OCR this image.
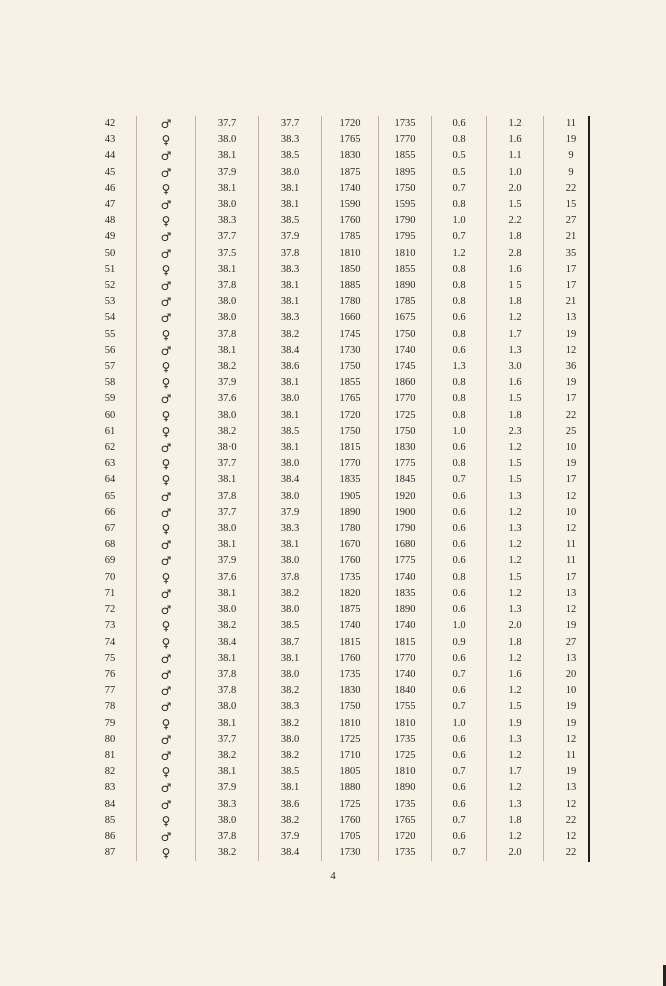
42	♂	37.7	37.7	1720	1735	0.6	1.2	11
43	♀	38.0	38.3	1765	1770	0.8	1.6	19
44	♂	38.1	38.5	1830	1855	0.5	1.1	9
45	♂	37.9	38.0	1875	1895	0.5	1.0	9
46	♀	38.1	38.1	1740	1750	0.7	2.0	22
47	♂	38.0	38.1	1590	1595	0.8	1.5	15
48	♀	38.3	38.5	1760	1790	1.0	2.2	27
49	♂	37.7	37.9	1785	1795	0.7	1.8	21
50	♂	37.5	37.8	1810	1810	1.2	2.8	35
51	♀	38.1	38.3	1850	1855	0.8	1.6	17
52	♂	37.8	38.1	1885	1890	0.8	1 5	17
53	♂	38.0	38.1	1780	1785	0.8	1.8	21
54	♂	38.0	38.3	1660	1675	0.6	1.2	13
55	♀	37.8	38.2	1745	1750	0.8	1.7	19
56	♂	38.1	38.4	1730	1740	0.6	1.3	12
57	♀	38.2	38.6	1750	1745	1.3	3.0	36
58	♀	37.9	38.1	1855	1860	0.8	1.6	19
59	♂	37.6	38.0	1765	1770	0.8	1.5	17
60	♀	38.0	38.1	1720	1725	0.8	1.8	22
61	♀	38.2	38.5	1750	1750	1.0	2.3	25
62	♂	38·0	38.1	1815	1830	0.6	1.2	10
63	♀	37.7	38.0	1770	1775	0.8	1.5	19
64	♀	38.1	38.4	1835	1845	0.7	1.5	17
65	♂	37.8	38.0	1905	1920	0.6	1.3	12
66	♂	37.7	37.9	1890	1900	0.6	1.2	10
67	♀	38.0	38.3	1780	1790	0.6	1.3	12
68	♂	38.1	38.1	1670	1680	0.6	1.2	11
69	♂	37.9	38.0	1760	1775	0.6	1.2	11
70	♀	37.6	37.8	1735	1740	0.8	1.5	17
71	♂	38.1	38.2	1820	1835	0.6	1.2	13
72	♂	38.0	38.0	1875	1890	0.6	1.3	12
73	♀	38.2	38.5	1740	1740	1.0	2.0	19
74	♀	38.4	38.7	1815	1815	0.9	1.8	27
75	♂	38.1	38.1	1760	1770	0.6	1.2	13
76	♂	37.8	38.0	1735	1740	0.7	1.6	20
77	♂	37.8	38.2	1830	1840	0.6	1.2	10
78	♂	38.0	38.3	1750	1755	0.7	1.5	19
79	♀	38.1	38.2	1810	1810	1.0	1.9	19
80	♂	37.7	38.0	1725	1735	0.6	1.3	12
81	♂	38.2	38.2	1710	1725	0.6	1.2	11
82	♀	38.1	38.5	1805	1810	0.7	1.7	19
83	♂	37.9	38.1	1880	1890	0.6	1.2	13
84	♂	38.3	38.6	1725	1735	0.6	1.3	12
85	♀	38.0	38.2	1760	1765	0.7	1.8	22
86	♂	37.8	37.9	1705	1720	0.6	1.2	12
87	♀	38.2	38.4	1730	1735	0.7	2.0	22
4
